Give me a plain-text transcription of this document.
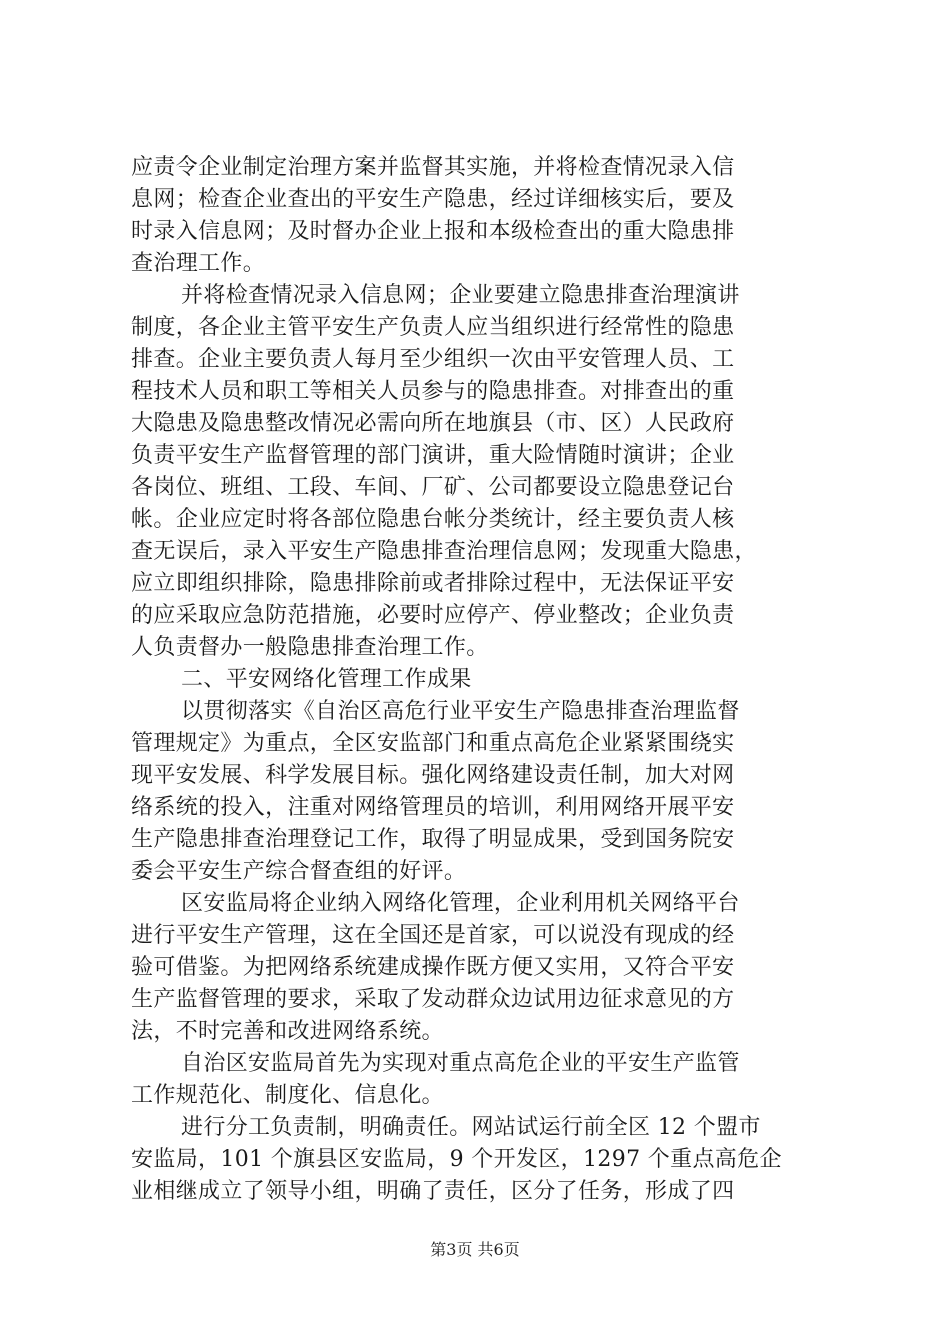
应责令企业制定治理方案并监督其实施，并将检查情况录入信
息网；检查企业查出的平安生产隐患，经过详细核实后，要及
时录入信息网；及时督办企业上报和本级检查出的重大隐患排
查治理工作。
并将检查情况录入信息网；企业要建立隐患排查治理演讲
制度，各企业主管平安生产负责人应当组织进行经常性的隐患
排查。企业主要负责人每月至少组织一次由平安管理人员、工
程技术人员和职工等相关人员参与的隐患排查。对排查出的重
大隐患及隐患整改情况必需向所在地旗县（市、区）人民政府
负责平安生产监督管理的部门演讲，重大险情随时演讲；企业
各岗位、班组、工段、车间、厂矿、公司都要设立隐患登记台
帐。企业应定时将各部位隐患台帐分类统计，经主要负责人核
查无误后，录入平安生产隐患排查治理信息网；发现重大隐患，
应立即组织排除，隐患排除前或者排除过程中，无法保证平安
的应采取应急防范措施，必要时应停产、停业整改；企业负责
人负责督办一般隐患排查治理工作。
二、平安网络化管理工作成果
以贯彻落实《自治区高危行业平安生产隐患排查治理监督
管理规定》为重点，全区安监部门和重点高危企业紧紧围绕实
现平安发展、科学发展目标。强化网络建设责任制，加大对网
络系统的投入，注重对网络管理员的培训，利用网络开展平安
生产隐患排查治理登记工作，取得了明显成果，受到国务院安
委会平安生产综合督查组的好评。
区安监局将企业纳入网络化管理，企业利用机关网络平台
进行平安生产管理，这在全国还是首家，可以说没有现成的经
验可借鉴。为把网络系统建成操作既方便又实用，又符合平安
生产监督管理的要求，采取了发动群众边试用边征求意见的方
法，不时完善和改进网络系统。
自治区安监局首先为实现对重点高危企业的平安生产监管
工作规范化、制度化、信息化。
进行分工负责制，明确责任。网站试运行前全区 12 个盟市
安监局，101 个旗县区安监局，9 个开发区，1297 个重点高危企
业相继成立了领导小组，明确了责任，区分了任务，形成了四
第3页 共6页
